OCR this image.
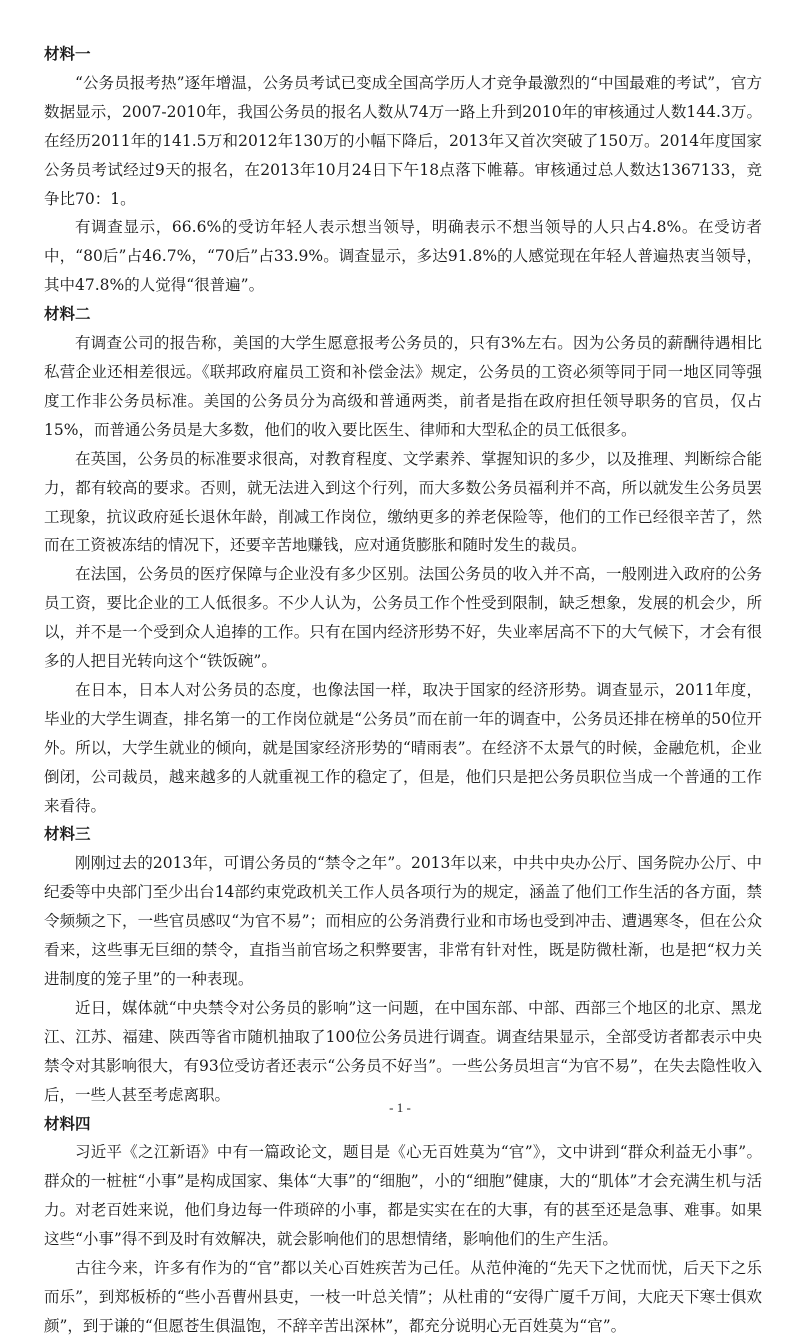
材料一

“公务员报考热”逐年增温，公务员考试已变成全国高学历人才竞争最激烈的“中国最难的考试”，官方数据显示，2007-2010年，我国公务员的报名人数从74万一路上升到2010年的审核通过人数144.3万。在经历2011年的141.5万和2012年130万的小幅下降后，2013年又首次突破了150万。2014年度国家公务员考试经过9天的报名，在2013年10月24日下午18点落下帷幕。审核通过总人数达1367133，竞争比70：1。

有调查显示，66.6%的受访年轻人表示想当领导，明确表示不想当领导的人只占4.8%。在受访者中，“80后”占46.7%，“70后”占33.9%。调查显示，多达91.8%的人感觉现在年轻人普遍热衷当领导，其中47.8%的人觉得“很普遍”。

材料二

有调查公司的报告称，美国的大学生愿意报考公务员的，只有3%左右。因为公务员的薪酬待遇相比私营企业还相差很远。《联邦政府雇员工资和补偿金法》规定，公务员的工资必须等同于同一地区同等强度工作非公务员标准。美国的公务员分为高级和普通两类，前者是指在政府担任领导职务的官员，仅占15%，而普通公务员是大多数，他们的收入要比医生、律师和大型私企的员工低很多。

在英国，公务员的标准要求很高，对教育程度、文学素养、掌握知识的多少，以及推理、判断综合能力，都有较高的要求。否则，就无法进入到这个行列，而大多数公务员福利并不高，所以就发生公务员罢工现象，抗议政府延长退休年龄，削减工作岗位，缴纳更多的养老保险等，他们的工作已经很辛苦了，然而在工资被冻结的情况下，还要辛苦地赚钱，应对通货膨胀和随时发生的裁员。

在法国，公务员的医疗保障与企业没有多少区别。法国公务员的收入并不高，一般刚进入政府的公务员工资，要比企业的工人低很多。不少人认为，公务员工作个性受到限制，缺乏想象，发展的机会少，所以，并不是一个受到众人追捧的工作。只有在国内经济形势不好，失业率居高不下的大气候下，才会有很多的人把目光转向这个“铁饭碗”。

在日本，日本人对公务员的态度，也像法国一样，取决于国家的经济形势。调查显示，2011年度，毕业的大学生调查，排名第一的工作岗位就是“公务员”而在前一年的调查中，公务员还排在榜单的50位开外。所以，大学生就业的倾向，就是国家经济形势的“晴雨表”。在经济不太景气的时候，金融危机，企业倒闭，公司裁员，越来越多的人就重视工作的稳定了，但是，他们只是把公务员职位当成一个普通的工作来看待。

材料三

刚刚过去的2013年，可谓公务员的“禁令之年”。2013年以来，中共中央办公厅、国务院办公厅、中纪委等中央部门至少出台14部约束党政机关工作人员各项行为的规定，涵盖了他们工作生活的各方面，禁令频频之下，一些官员感叹“为官不易”；而相应的公务消费行业和市场也受到冲击、遭遇寒冬，但在公众看来，这些事无巨细的禁令，直指当前官场之积弊要害，非常有针对性，既是防微杜渐，也是把“权力关进制度的笼子里”的一种表现。

近日，媒体就“中央禁令对公务员的影响”这一问题，在中国东部、中部、西部三个地区的北京、黑龙江、江苏、福建、陕西等省市随机抽取了100位公务员进行调查。调查结果显示，全部受访者都表示中央禁令对其影响很大，有93位受访者还表示“公务员不好当”。一些公务员坦言“为官不易”，在失去隐性收入后，一些人甚至考虑离职。

材料四

习近平《之江新语》中有一篇政论文，题目是《心无百姓莫为“官”》，文中讲到“群众利益无小事”。群众的一桩桩“小事”是构成国家、集体“大事”的“细胞”，小的“细胞”健康，大的“肌体”才会充满生机与活力。对老百姓来说，他们身边每一件琐碎的小事，都是实实在在的大事，有的甚至还是急事、难事。如果这些“小事”得不到及时有效解决，就会影响他们的思想情绪，影响他们的生产生活。

古往今来，许多有作为的“官”都以关心百姓疾苦为己任。从范仲淹的“先天下之忧而忧，后天下之乐而乐”，到郑板桥的“些小吾曹州县吏，一枝一叶总关情”；从杜甫的“安得广厦千万间，大庇天下寒士俱欢颜”，到于谦的“但愿苍生俱温饱，不辞辛苦出深林”，都充分说明心无百姓莫为“官”。

- 1 -
